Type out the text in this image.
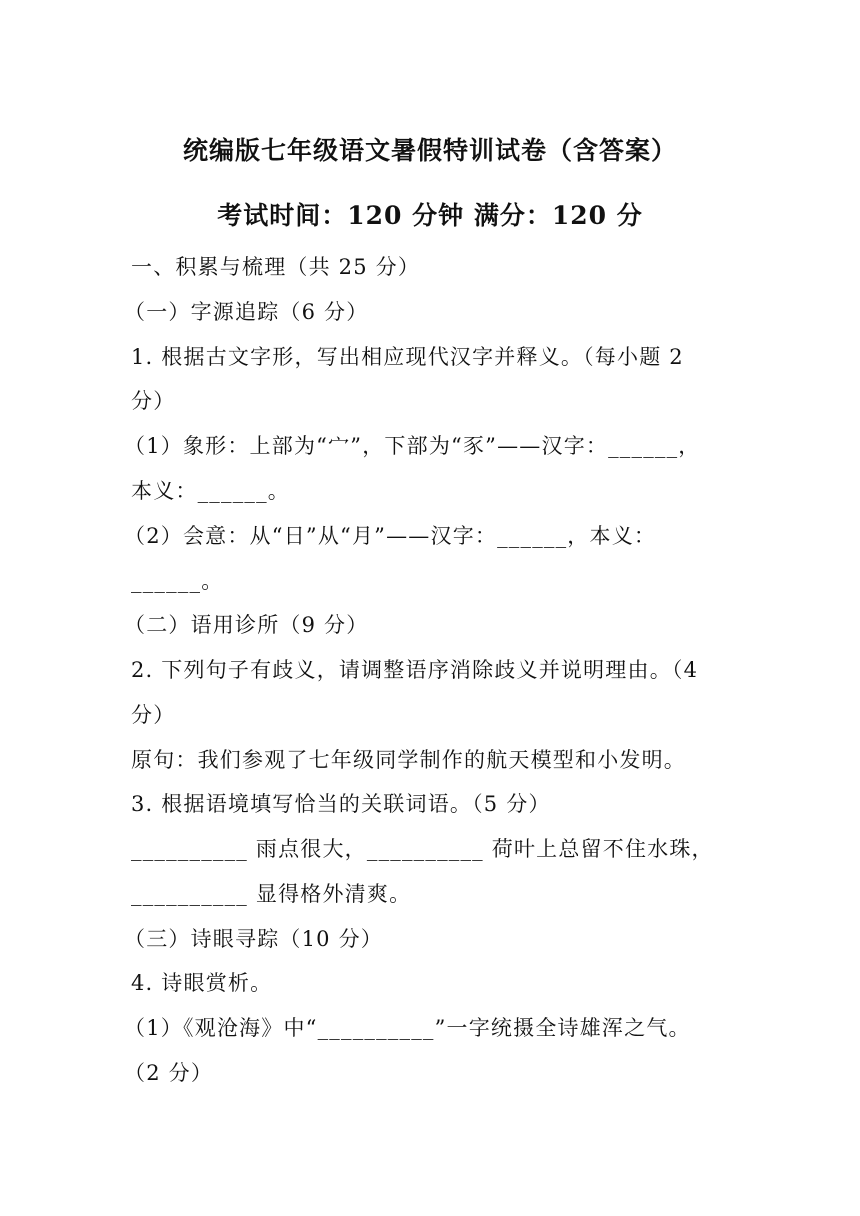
统编版七年级语文暑假特训试卷（含答案）
考试时间：120 分钟 满分：120 分
一、积累与梳理（共 25 分）
（一）字源追踪（6 分）
1. 根据古文字形，写出相应现代汉字并释义。（每小题 2
分）
（1）象形：上部为“宀”，下部为“豕”——汉字：______，
本义：______。
（2）会意：从“日”从“月”——汉字：______，本义：
______。
（二）语用诊所（9 分）
2. 下列句子有歧义，请调整语序消除歧义并说明理由。（4
分）
原句：我们参观了七年级同学制作的航天模型和小发明。
3. 根据语境填写恰当的关联词语。（5 分）
__________ 雨点很大，__________ 荷叶上总留不住水珠，
__________ 显得格外清爽。
（三）诗眼寻踪（10 分）
4. 诗眼赏析。
（1）《观沧海》中“__________”一字统摄全诗雄浑之气。
（2 分）
